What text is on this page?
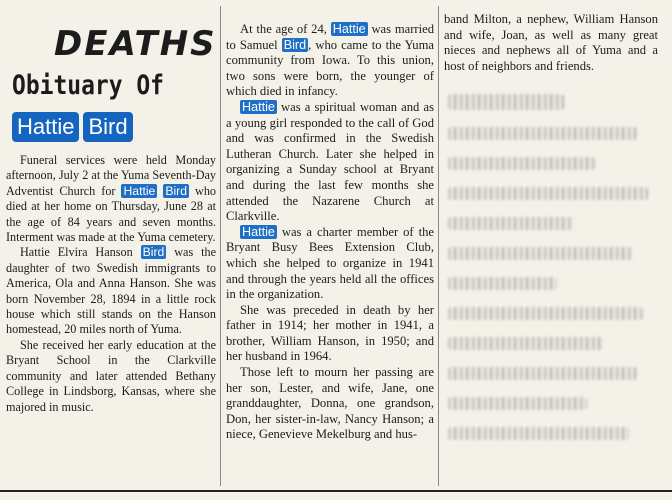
DEATHS
Obituary Of
Hattie Bird

Funeral services were held Monday afternoon, July 2 at the Yuma Seventh-Day Adventist Church for Hattie Bird who died at her home on Thursday, June 28 at the age of 84 years and seven months. Interment was made at the Yuma cemetery.

Hattie Elvira Hanson Bird was the daughter of two Swedish immigrants to America, Ola and Anna Hanson. She was born November 28, 1894 in a little rock house which still stands on the Hanson homestead, 20 miles north of Yuma.

She received her early education at the Bryant School in the Clarkville community and later attended Bethany College in Lindsborg, Kansas, where she majored in music.

At the age of 24, Hattie was married to Samuel Bird , who came to the Yuma community from Iowa. To this union, two sons were born, the younger of which died in infancy.

Hattie was a spiritual woman and as a young girl responded to the call of God and was confirmed in the Swedish Lutheran Church. Later she helped in organizing a Sunday school at Bryant and during the last few months she attended the Nazarene Church at Clarkville.

Hattie was a charter member of the Bryant Busy Bees Extension Club, which she helped to organize in 1941 and through the years held all the offices in the organization.

She was preceded in death by her father in 1914; her mother in 1941, a brother, William Hanson, in 1950; and her husband in 1964.

Those left to mourn her passing are her son, Lester, and wife, Jane, one granddaughter, Donna, one grandson, Don, her sister-in-law, Nancy Hanson; a niece, Genevieve Mekelburg and hus-

band Milton, a nephew, William Hanson and wife, Joan, as well as many great nieces and nephews all of Yuma and a host of neighbors and friends.
